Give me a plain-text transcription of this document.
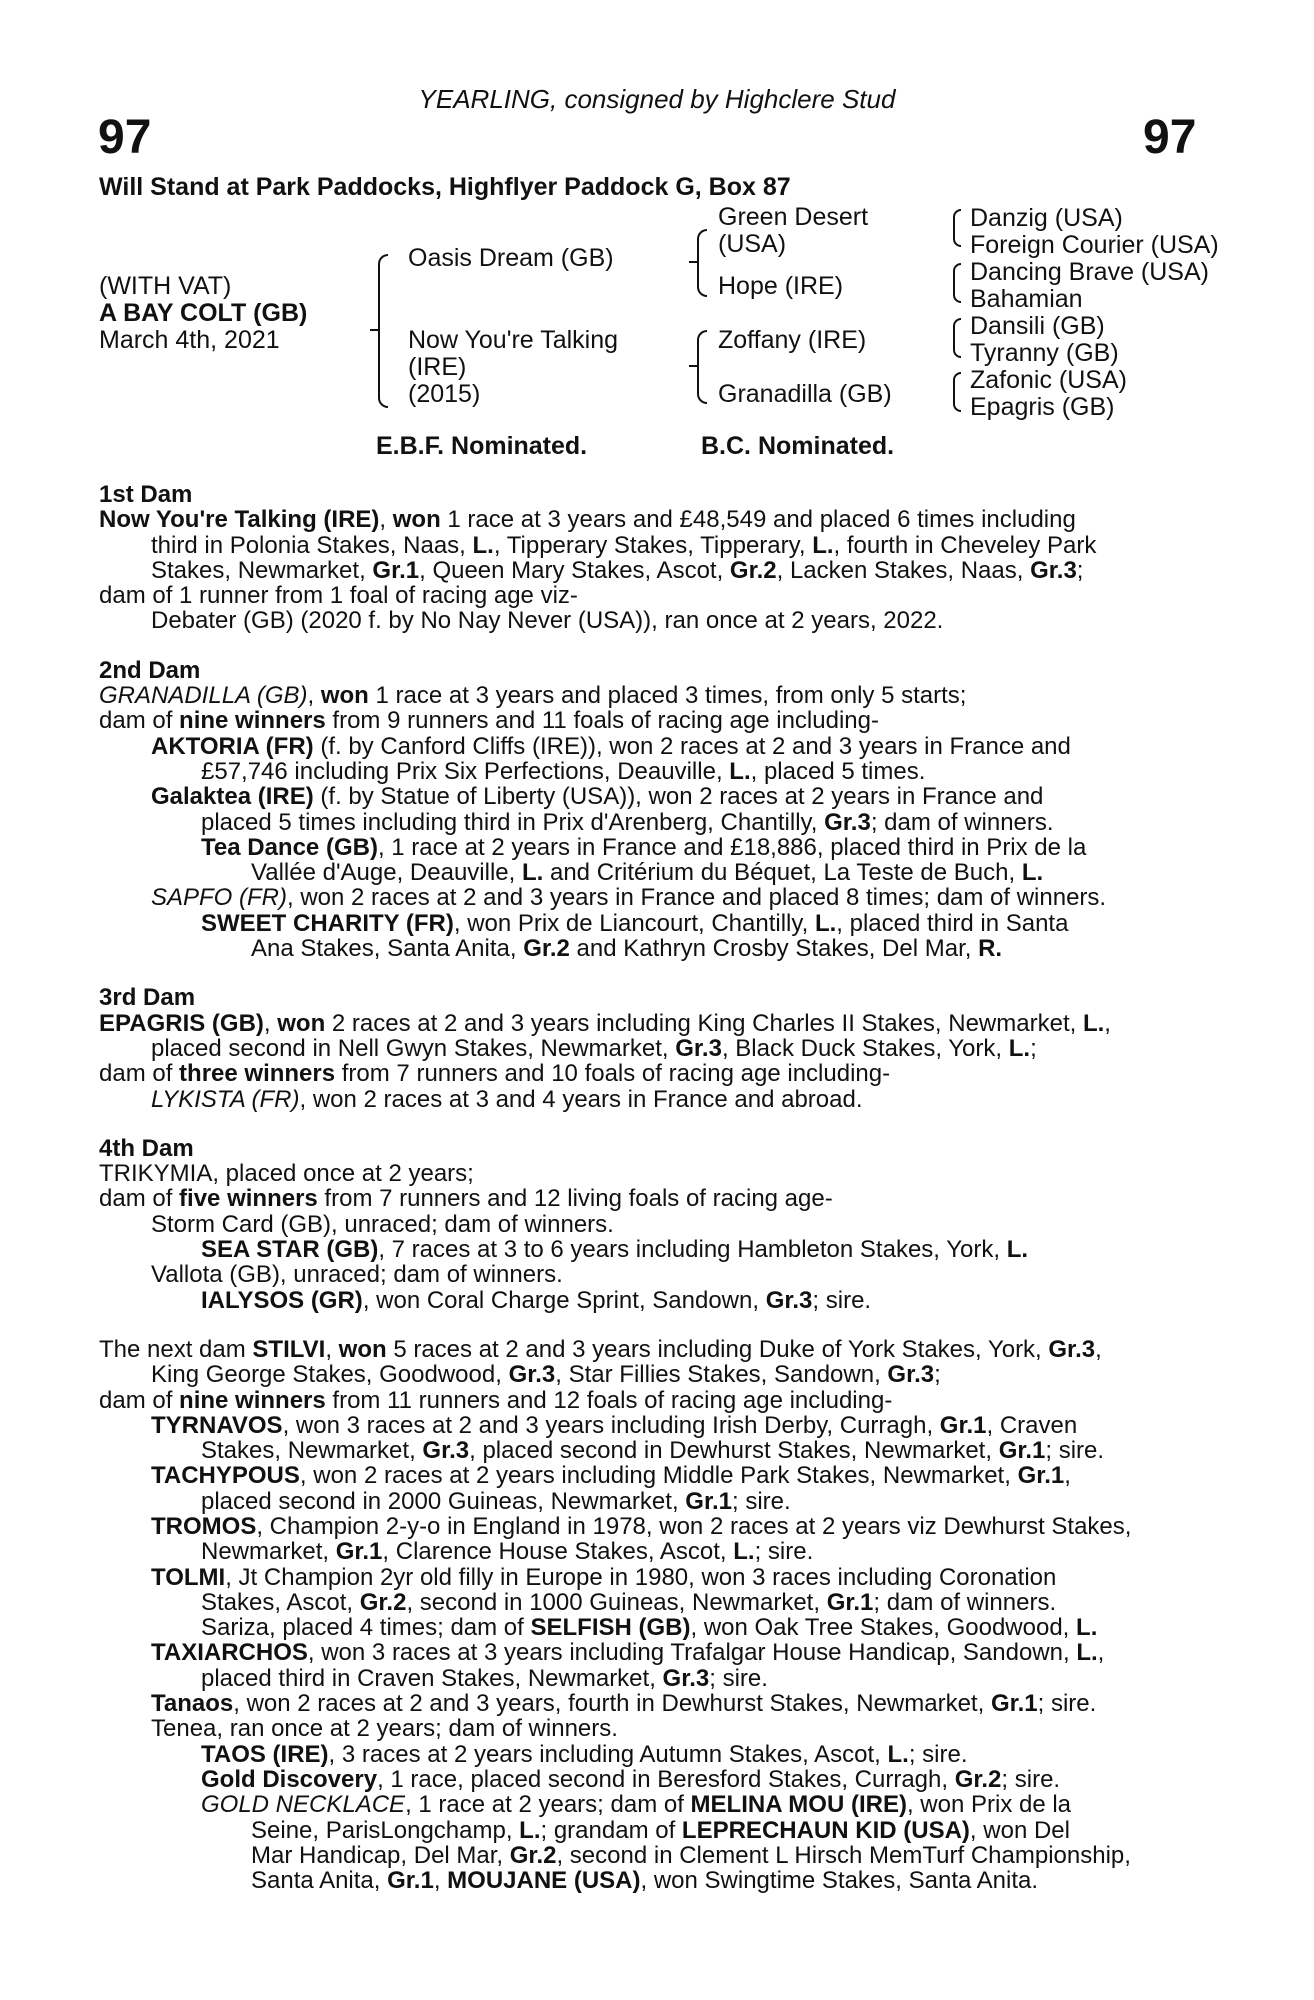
YEARLING, consigned by Highclere Stud
97	97
Will Stand at Park Paddocks, Highflyer Paddock G, Box 87
(WITH VAT)
A BAY COLT (GB)
March 4th, 2021
Oasis Dream (GB)
Now You're Talking
(IRE)
(2015)
Green Desert
(USA)
Hope (IRE)
Zoffany (IRE)
Granadilla (GB)
Danzig (USA)
Foreign Courier (USA)
Dancing Brave (USA)
Bahamian
Dansili (GB)
Tyranny (GB)
Zafonic (USA)
Epagris (GB)
E.B.F. Nominated.	B.C. Nominated.
1st Dam
Now You're Talking (IRE), won 1 race at 3 years and £48,549 and placed 6 times including
third in Polonia Stakes, Naas, L., Tipperary Stakes, Tipperary, L., fourth in Cheveley Park
Stakes, Newmarket, Gr.1, Queen Mary Stakes, Ascot, Gr.2, Lacken Stakes, Naas, Gr.3;
dam of 1 runner from 1 foal of racing age viz-
Debater (GB) (2020 f. by No Nay Never (USA)), ran once at 2 years, 2022.
2nd Dam
GRANADILLA (GB), won 1 race at 3 years and placed 3 times, from only 5 starts;
dam of nine winners from 9 runners and 11 foals of racing age including-
AKTORIA (FR) (f. by Canford Cliffs (IRE)), won 2 races at 2 and 3 years in France and
£57,746 including Prix Six Perfections, Deauville, L., placed 5 times.
Galaktea (IRE) (f. by Statue of Liberty (USA)), won 2 races at 2 years in France and
placed 5 times including third in Prix d'Arenberg, Chantilly, Gr.3; dam of winners.
Tea Dance (GB), 1 race at 2 years in France and £18,886, placed third in Prix de la
Vallée d'Auge, Deauville, L. and Critérium du Béquet, La Teste de Buch, L.
SAPFO (FR), won 2 races at 2 and 3 years in France and placed 8 times; dam of winners.
SWEET CHARITY (FR), won Prix de Liancourt, Chantilly, L., placed third in Santa
Ana Stakes, Santa Anita, Gr.2 and Kathryn Crosby Stakes, Del Mar, R.
3rd Dam
EPAGRIS (GB), won 2 races at 2 and 3 years including King Charles II Stakes, Newmarket, L.,
placed second in Nell Gwyn Stakes, Newmarket, Gr.3, Black Duck Stakes, York, L.;
dam of three winners from 7 runners and 10 foals of racing age including-
LYKISTA (FR), won 2 races at 3 and 4 years in France and abroad.
4th Dam
TRIKYMIA, placed once at 2 years;
dam of five winners from 7 runners and 12 living foals of racing age-
Storm Card (GB), unraced; dam of winners.
SEA STAR (GB), 7 races at 3 to 6 years including Hambleton Stakes, York, L.
Vallota (GB), unraced; dam of winners.
IALYSOS (GR), won Coral Charge Sprint, Sandown, Gr.3; sire.
The next dam STILVI, won 5 races at 2 and 3 years including Duke of York Stakes, York, Gr.3,
King George Stakes, Goodwood, Gr.3, Star Fillies Stakes, Sandown, Gr.3;
dam of nine winners from 11 runners and 12 foals of racing age including-
TYRNAVOS, won 3 races at 2 and 3 years including Irish Derby, Curragh, Gr.1, Craven
Stakes, Newmarket, Gr.3, placed second in Dewhurst Stakes, Newmarket, Gr.1; sire.
TACHYPOUS, won 2 races at 2 years including Middle Park Stakes, Newmarket, Gr.1,
placed second in 2000 Guineas, Newmarket, Gr.1; sire.
TROMOS, Champion 2-y-o in England in 1978, won 2 races at 2 years viz Dewhurst Stakes,
Newmarket, Gr.1, Clarence House Stakes, Ascot, L.; sire.
TOLMI, Jt Champion 2yr old filly in Europe in 1980, won 3 races including Coronation
Stakes, Ascot, Gr.2, second in 1000 Guineas, Newmarket, Gr.1; dam of winners.
Sariza, placed 4 times; dam of SELFISH (GB), won Oak Tree Stakes, Goodwood, L.
TAXIARCHOS, won 3 races at 3 years including Trafalgar House Handicap, Sandown, L.,
placed third in Craven Stakes, Newmarket, Gr.3; sire.
Tanaos, won 2 races at 2 and 3 years, fourth in Dewhurst Stakes, Newmarket, Gr.1; sire.
Tenea, ran once at 2 years; dam of winners.
TAOS (IRE), 3 races at 2 years including Autumn Stakes, Ascot, L.; sire.
Gold Discovery, 1 race, placed second in Beresford Stakes, Curragh, Gr.2; sire.
GOLD NECKLACE, 1 race at 2 years; dam of MELINA MOU (IRE), won Prix de la
Seine, ParisLongchamp, L.; grandam of LEPRECHAUN KID (USA), won Del
Mar Handicap, Del Mar, Gr.2, second in Clement L Hirsch MemTurf Championship,
Santa Anita, Gr.1, MOUJANE (USA), won Swingtime Stakes, Santa Anita.
